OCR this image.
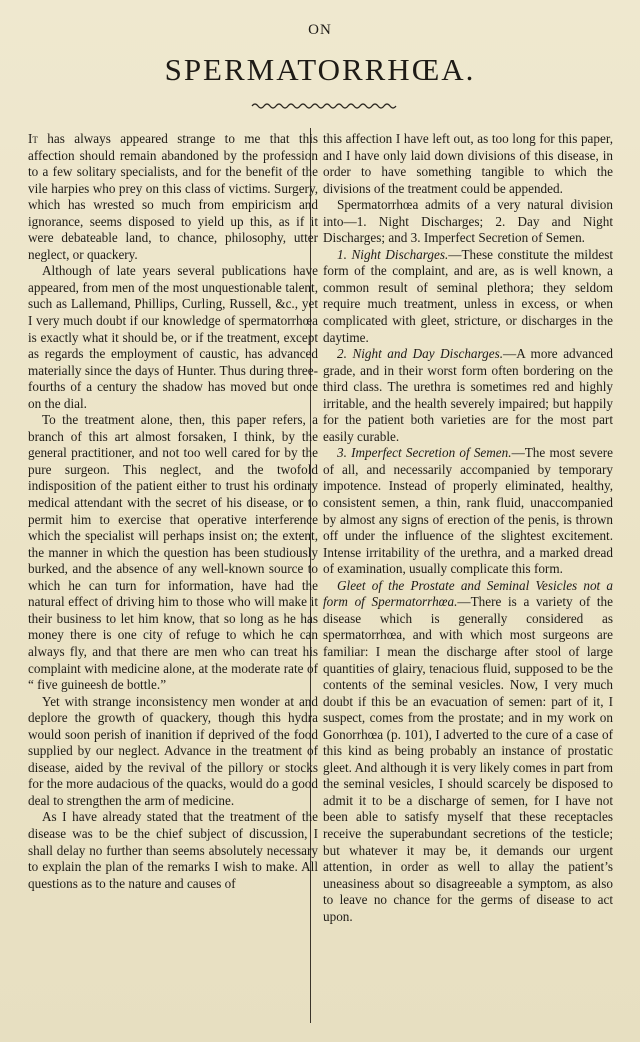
ON
SPERMATORRHŒA.

It has always appeared strange to me that this affection should remain abandoned by the profession to a few solitary specialists, and for the benefit of the vile harpies who prey on this class of victims. Surgery, which has wrested so much from empiricism and ignorance, seems disposed to yield up this, as if it were debateable land, to chance, philosophy, utter neglect, or quackery.

Although of late years several publications have appeared, from men of the most unquestionable talent, such as Lallemand, Phillips, Curling, Russell, &c., yet I very much doubt if our knowledge of spermatorrhœa is exactly what it should be, or if the treatment, except as regards the employment of caustic, has advanced materially since the days of Hunter. Thus during three-fourths of a century the shadow has moved but once on the dial.

To the treatment alone, then, this paper refers, a branch of this art almost forsaken, I think, by the general practitioner, and not too well cared for by the pure surgeon. This neglect, and the twofold indisposition of the patient either to trust his ordinary medical attendant with the secret of his disease, or to permit him to exercise that operative interference which the specialist will perhaps insist on; the extent, the manner in which the question has been studiously burked, and the absence of any well-known source to which he can turn for information, have had the natural effect of driving him to those who will make it their business to let him know, that so long as he has money there is one city of refuge to which he can always fly, and that there are men who can treat his complaint with medicine alone, at the moderate rate of “ five guineesh de bottle.”

Yet with strange inconsistency men wonder at and deplore the growth of quackery, though this hydra would soon perish of inanition if deprived of the food supplied by our neglect. Advance in the treatment of disease, aided by the revival of the pillory or stocks for the more audacious of the quacks, would do a good deal to strengthen the arm of medicine.

As I have already stated that the treatment of the disease was to be the chief subject of discussion, I shall delay no further than seems absolutely necessary to explain the plan of the remarks I wish to make. All questions as to the nature and causes of

this affection I have left out, as too long for this paper, and I have only laid down divisions of this disease, in order to have something tangible to which the divisions of the treatment could be appended.

Spermatorrhœa admits of a very natural division into—1. Night Discharges; 2. Day and Night Discharges; and 3. Imperfect Secretion of Semen.

1. Night Discharges.—These constitute the mildest form of the complaint, and are, as is well known, a common result of seminal plethora; they seldom require much treatment, unless in excess, or when complicated with gleet, stricture, or discharges in the daytime.

2. Night and Day Discharges.—A more advanced grade, and in their worst form often bordering on the third class. The urethra is sometimes red and highly irritable, and the health severely impaired; but happily for the patient both varieties are for the most part easily curable.

3. Imperfect Secretion of Semen.—The most severe of all, and necessarily accompanied by temporary impotence. Instead of properly eliminated, healthy, consistent semen, a thin, rank fluid, unaccompanied by almost any signs of erection of the penis, is thrown off under the influence of the slightest excitement. Intense irritability of the urethra, and a marked dread of examination, usually complicate this form.

Gleet of the Prostate and Seminal Vesicles not a form of Spermatorrhœa.—There is a variety of the disease which is generally considered as spermatorrhœa, and with which most surgeons are familiar: I mean the discharge after stool of large quantities of glairy, tenacious fluid, supposed to be the contents of the seminal vesicles. Now, I very much doubt if this be an evacuation of semen: part of it, I suspect, comes from the prostate; and in my work on Gonorrhœa (p. 101), I adverted to the cure of a case of this kind as being probably an instance of prostatic gleet. And although it is very likely comes in part from the seminal vesicles, I should scarcely be disposed to admit it to be a discharge of semen, for I have not been able to satisfy myself that these receptacles receive the superabundant secretions of the testicle; but whatever it may be, it demands our urgent attention, in order as well to allay the patient’s uneasiness about so disagreeable a symptom, as also to leave no chance for the germs of disease to act upon.
